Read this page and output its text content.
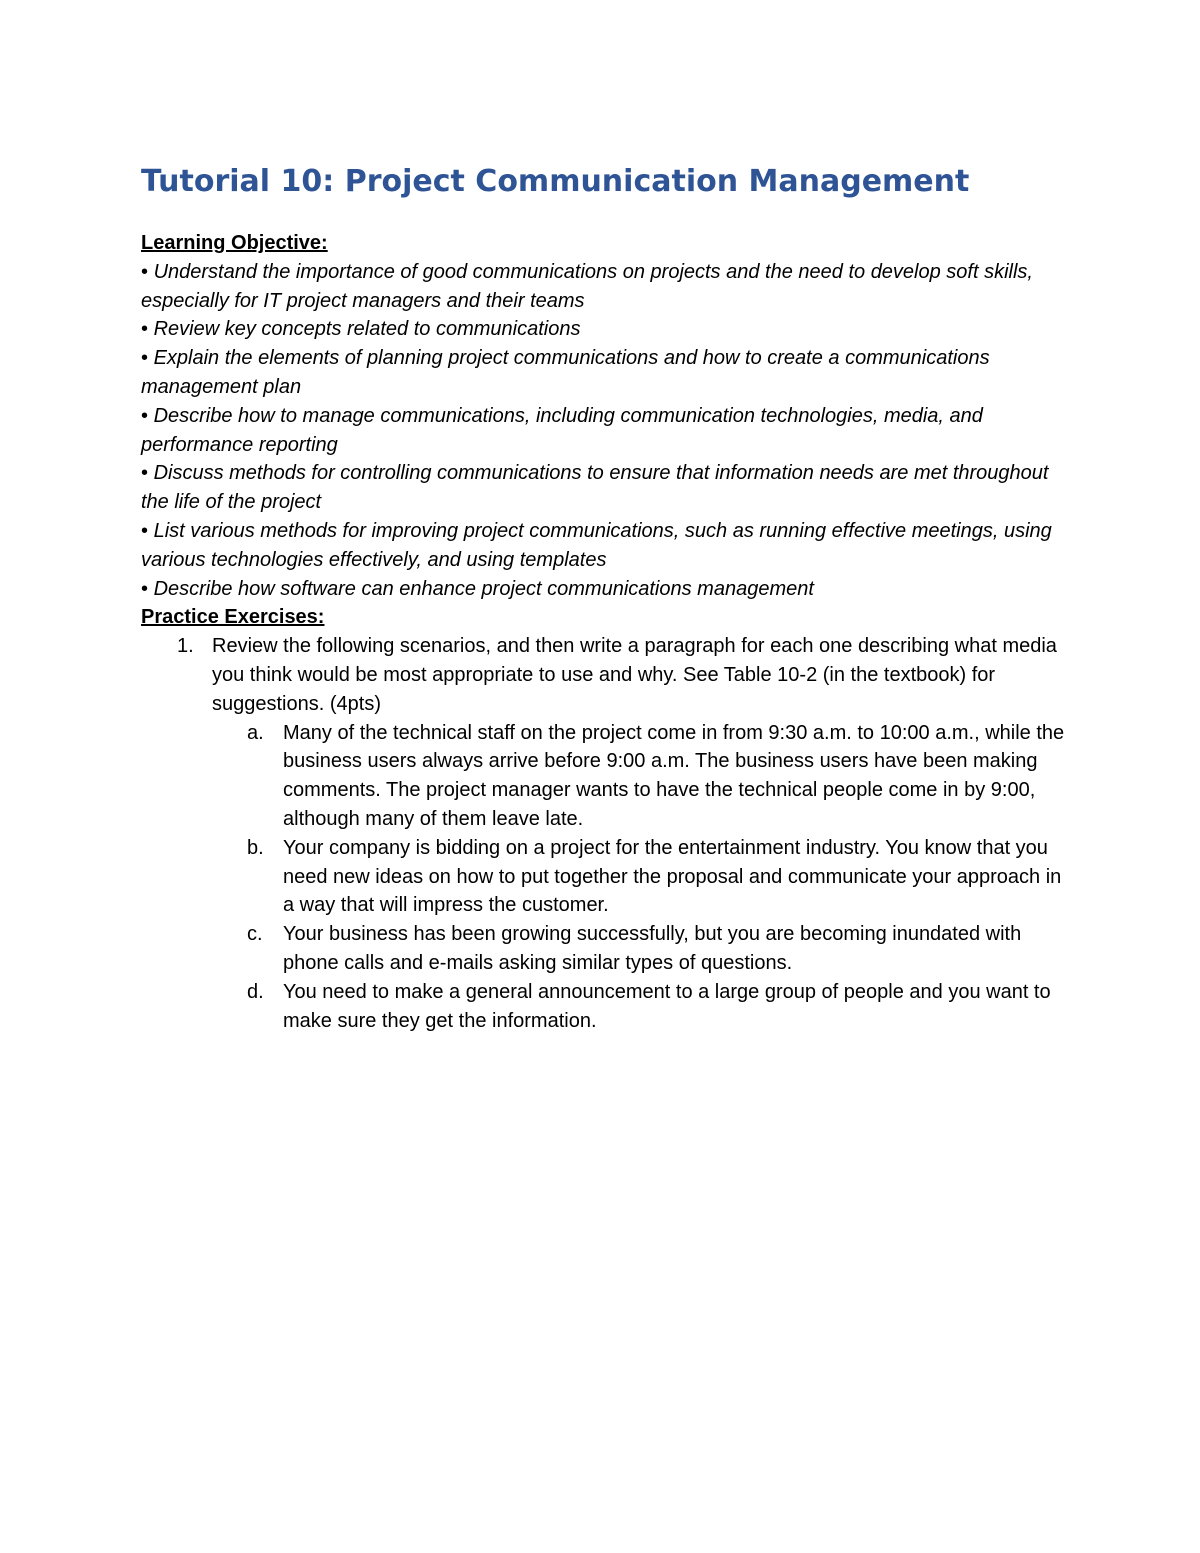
Tutorial 10: Project Communication Management
Learning Objective:
• Understand the importance of good communications on projects and the need to develop soft skills, especially for IT project managers and their teams
• Review key concepts related to communications
• Explain the elements of planning project communications and how to create a communications management plan
• Describe how to manage communications, including communication technologies, media, and performance reporting
• Discuss methods for controlling communications to ensure that information needs are met throughout the life of the project
• List various methods for improving project communications, such as running effective meetings, using various technologies effectively, and using templates
• Describe how software can enhance project communications management
Practice Exercises:
1. Review the following scenarios, and then write a paragraph for each one describing what media you think would be most appropriate to use and why. See Table 10-2 (in the textbook) for suggestions. (4pts)
a. Many of the technical staff on the project come in from 9:30 a.m. to 10:00 a.m., while the business users always arrive before 9:00 a.m. The business users have been making comments. The project manager wants to have the technical people come in by 9:00, although many of them leave late.
b. Your company is bidding on a project for the entertainment industry. You know that you need new ideas on how to put together the proposal and communicate your approach in a way that will impress the customer.
c. Your business has been growing successfully, but you are becoming inundated with phone calls and e-mails asking similar types of questions.
d. You need to make a general announcement to a large group of people and you want to make sure they get the information.
